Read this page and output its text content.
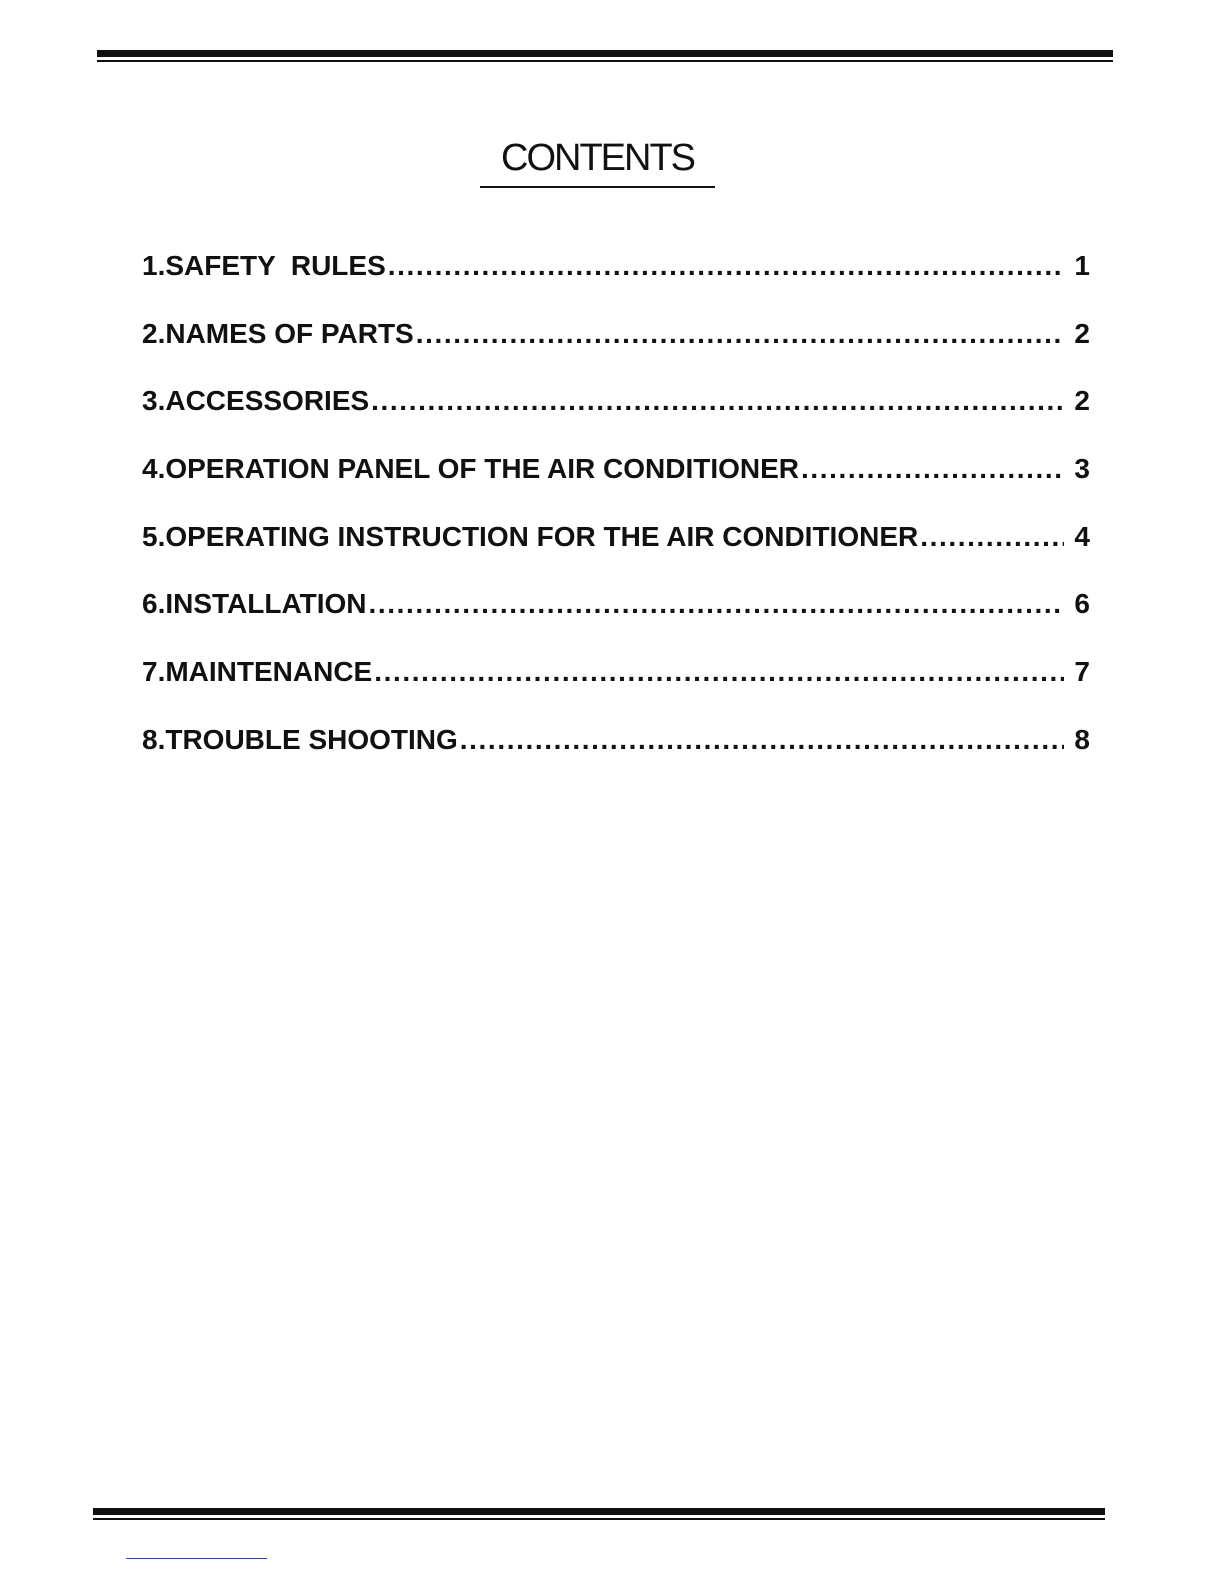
CONTENTS
1.SAFETY  RULES .....	1
2.NAMES OF PARTS .....	2
3.ACCESSORIES .....	2
4.OPERATION PANEL OF THE AIR CONDITIONER .....	3
5.OPERATING INSTRUCTION FOR THE AIR CONDITIONER .....	4
6.INSTALLATION .....	6
7.MAINTENANCE .....	7
8.TROUBLE SHOOTING .....	8
